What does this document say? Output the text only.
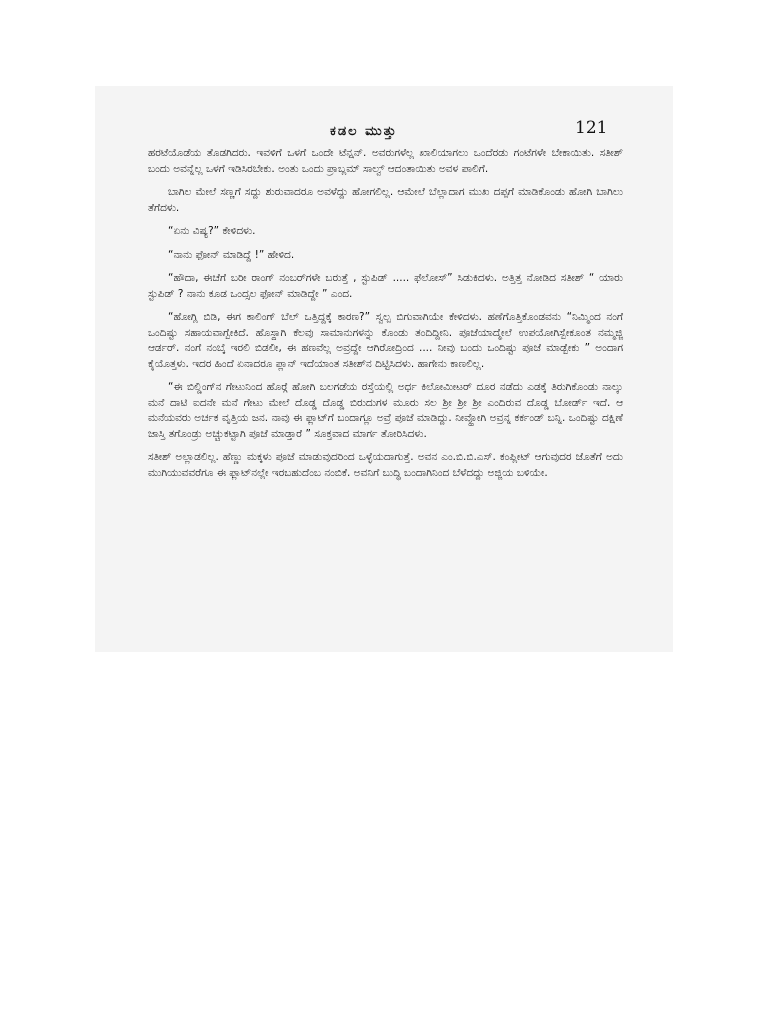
ಕಡಲ ಮುತ್ತು	121

ಹರಟೆಯೊಡೆಯ ತೊಡಗಿದರು. ಇವಳಿಗೆ ಒಳಗೆ ಒಂದೇ ಟೆನ್ಷನ್. ಅವರುಗಳೆಲ್ಲ ಖಾಲಿಯಾಗಲು ಒಂದೆರಡು ಗಂಟೆಗಳೇ ಬೇಕಾಯಿತು. ಸತೀಶ್ ಬಂದು ಅವನ್ನೆಲ್ಲ ಒಳಗೆ ಇಡಿಸಿರಬೇಕು. ಅಂತು ಒಂದು ಪ್ರಾಬ್ಲಮ್ ಸಾಲ್ವ್ ಆದಂತಾಯಿತು ಅವಳ ಪಾಲಿಗೆ.

ಬಾಗಿಲ ಮೇಲೆ ಸಣ್ಣಗೆ ಸದ್ದು ಶುರುವಾದರೂ ಅವಳೆದ್ದು ಹೋಗಲಿಲ್ಲ. ಆಮೇಲೆ ಬೆಲ್ಲಾದಾಗ ಮುಖ ದಪ್ಪಗೆ ಮಾಡಿಕೊಂಡು ಹೋಗಿ ಬಾಗಿಲು ತೆಗೆದಳು.

“ಏನು ವಿಷ್ಯ?” ಕೇಳಿದಳು.

“ನಾನು ಫೋನ್ ಮಾಡಿದ್ದೆ !” ಹೇಳಿದ.

“ಹೌದಾ, ಈಚೆಗೆ ಬರೀ ರಾಂಗ್ ನಂಬರ್‌ಗಳೇ ಬರುತ್ತೆ , ಸ್ಟುಪಿಡ್ ..... ಫೆಲೋಸ್” ಸಿಡುಕಿದಳು. ಅತ್ತಿತ್ತ ನೋಡಿದ ಸತೀಶ್ “ ಯಾರು ಸ್ಟುಪಿಡ್ ? ನಾನು ಕೂಡ ಒಂದ್ಸಲ ಫೋನ್ ಮಾಡಿದ್ದೇ ” ಎಂದ.

“ಹೋಗ್ಲಿ ಬಿಡಿ, ಈಗ ಕಾಲಿಂಗ್ ಬೆಲ್ ಒತ್ತಿದ್ದಕ್ಕೆ ಕಾರಣ?” ಸ್ವಲ್ಪ ಬಿಗುವಾಗಿಯೇ ಕೇಳಿದಳು. ಹಣೆಗೊತ್ತಿಕೊಂಡವನು “ನಿಮ್ಮಿಂದ ನಂಗೆ ಒಂದಿಷ್ಟು ಸಹಾಯವಾಗ್ಬೇಕಿದೆ. ಹೊಸ್ದಾಗಿ ಕೆಲವು ಸಾಮಾನುಗಳನ್ನು ಕೊಂಡು ತಂದಿದ್ದೀನಿ. ಪೂಜೆಯಾದ್ಮೇಲೆ ಉಪಯೋಗಿಸ್ಬೇಕೂಂತ ನಮ್ಮಜ್ಜಿ ಆರ್ಡರ್. ನಂಗೆ ನಂಬ್ಕೆ ಇರಲಿ ಬಿಡಲೀ, ಈ ಹಣವೆಲ್ಲ ಅವ್ರದ್ದೇ ಆಗಿರೋದ್ರಿಂದ .... ನೀವು ಬಂದು ಒಂದಿಷ್ಟು ಪೂಜೆ ಮಾಡ್ಬೇಕು ” ಅಂದಾಗ ಕೈಯೊತ್ತಳು. ಇದರ ಹಿಂದೆ ಏನಾದರೂ ಪ್ಲಾನ್ ಇದೆಯಾಂತ ಸತೀಶ್‌ನ ದಿಟ್ಟಿಸಿದಳು. ಹಾಗೇನು ಕಾಣಲಿಲ್ಲ.

“ಈ ಬಿಲ್ಡಿಂಗ್‌ನ ಗೇಟುನಿಂದ ಹೊರ್‍ಗೆ ಹೋಗಿ ಬಲಗಡೆಯ ರಸ್ತೆಯಲ್ಲಿ ಅರ್ಧ ಕಿಲೋಮೀಟರ್ ದೂರ ನಡೆದು ಎಡಕ್ಕೆ ತಿರುಗಿಕೊಂಡು ನಾಲ್ಕು ಮನೆ ದಾಟಿ ಐದನೇ ಮನೆ ಗೇಟು ಮೇಲೆ ದೊಡ್ಡ ದೊಡ್ಡ ಬಿರುದುಗಳ ಮೂರು ಸಲ ಶ್ರೀ ಶ್ರೀ ಶ್ರೀ ಎಂದಿರುವ ದೊಡ್ಡ ಬೋರ್ಡ್ ಇದೆ. ಆ ಮನೆಯವರು ಅರ್ಚಕ ವೃತ್ತಿಯ ಜನ. ನಾವು ಈ ಫ್ಲಾಟ್‌ಗೆ ಬಂದಾಗ್ಲೂ ಅವ್ರೆ ಪೂಜೆ ಮಾಡಿದ್ದು. ನೀವ್ಹೋಗಿ ಅವ್ರನ್ನ ಕರ್ಕಂಡ್ ಬನ್ನಿ. ಒಂದಿಷ್ಟು ದಕ್ಷಿಣೆ ಜಾಸ್ತಿ ತಗೊಂಡ್ರು ಅಚ್ಚುಕಟ್ಟಾಗಿ ಪೂಜೆ ಮಾಡ್ತಾರೆ ” ಸೂಕ್ತವಾದ ಮಾರ್ಗ ತೋರಿಸಿದಳು.

ಸತೀಶ್ ಅಲ್ಲಾಡಲಿಲ್ಲ. ಹೆಣ್ಣು ಮಕ್ಕಳು ಪೂಜೆ ಮಾಡುವುದರಿಂದ ಒಳ್ಳೆಯದಾಗುತ್ತೆ. ಅವನ ಎಂ.ಬಿ.ಬಿ.ಎಸ್. ಕಂಪ್ಲೀಟ್ ಆಗುವುದರ ಜೊತೆಗೆ ಅದು ಮುಗಿಯುವವರೆಗೂ ಈ ಫ್ಲಾಟ್‌ನಲ್ಲೇ ಇರಬಹುದೆಂಬ ನಂಬಿಕೆ. ಅವನಿಗೆ ಬುದ್ಧಿ ಬಂದಾಗಿನಿಂದ ಬೆಳೆದದ್ದು ಅಜ್ಜಿಯ ಬಳಿಯೇ.
